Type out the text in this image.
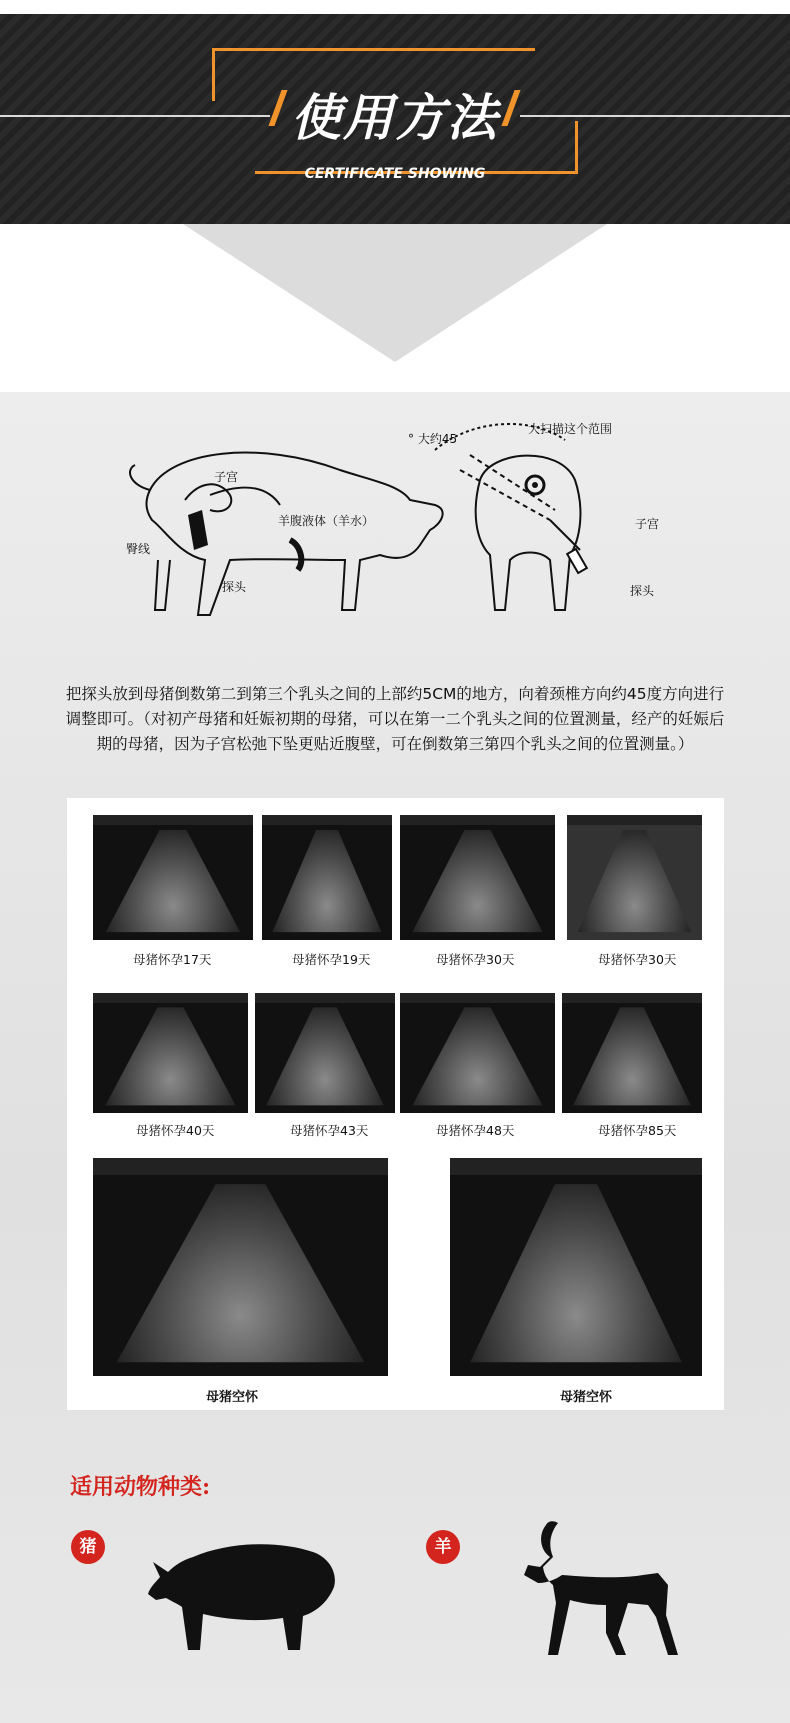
使用方法
CERTIFICATE SHOWING
子宫
羊腹液体（羊水）
臀线
探头
° 大约45
大扫描这个范围
子宫
探头
把探头放到母猪倒数第二到第三个乳头之间的上部约5CM的地方，向着颈椎方向约45度方向进行调整即可。（对初产母猪和妊娠初期的母猪，可以在第一二个乳头之间的位置测量，经产的妊娠后期的母猪，因为子宫松弛下坠更贴近腹壁，可在倒数第三第四个乳头之间的位置测量。）
母猪怀孕17天	母猪怀孕19天	母猪怀孕30天	母猪怀孕30天
母猪怀孕40天	母猪怀孕43天	母猪怀孕48天	母猪怀孕85天
母猪空怀	母猪空怀
适用动物种类:
猪	羊
